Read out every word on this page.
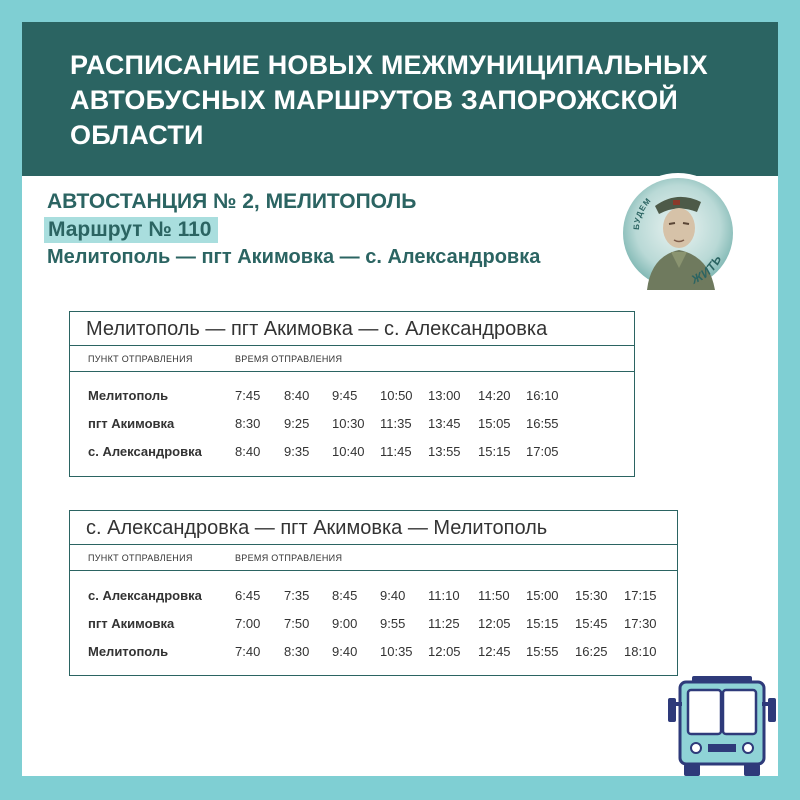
РАСПИСАНИЕ НОВЫХ МЕЖМУНИЦИПАЛЬНЫХ АВТОБУСНЫХ МАРШРУТОВ ЗАПОРОЖСКОЙ ОБЛАСТИ
АВТОСТАНЦИЯ № 2, МЕЛИТОПОЛЬ
Маршрут № 110
Мелитополь — пгт Акимовка — с. Александровка
БУДЕМ
ЖИТЬ
Мелитополь — пгт Акимовка — с. Александровка
ПУНКТ ОТПРАВЛЕНИЯ	ВРЕМЯ ОТПРАВЛЕНИЯ
Мелитополь	7:45 8:40 9:45 10:50 13:00 14:20 16:10
пгт Акимовка	8:30 9:25 10:30 11:35 13:45 15:05 16:55
с. Александровка	8:40 9:35 10:40 11:45 13:55 15:15 17:05
с. Александровка — пгт Акимовка — Мелитополь
ПУНКТ ОТПРАВЛЕНИЯ	ВРЕМЯ ОТПРАВЛЕНИЯ
с. Александровка	6:45 7:35 8:45 9:40 11:10 11:50 15:00 15:30 17:15
пгт Акимовка	7:00 7:50 9:00 9:55 11:25 12:05 15:15 15:45 17:30
Мелитополь	7:40 8:30 9:40 10:35 12:05 12:45 15:55 16:25 18:10
